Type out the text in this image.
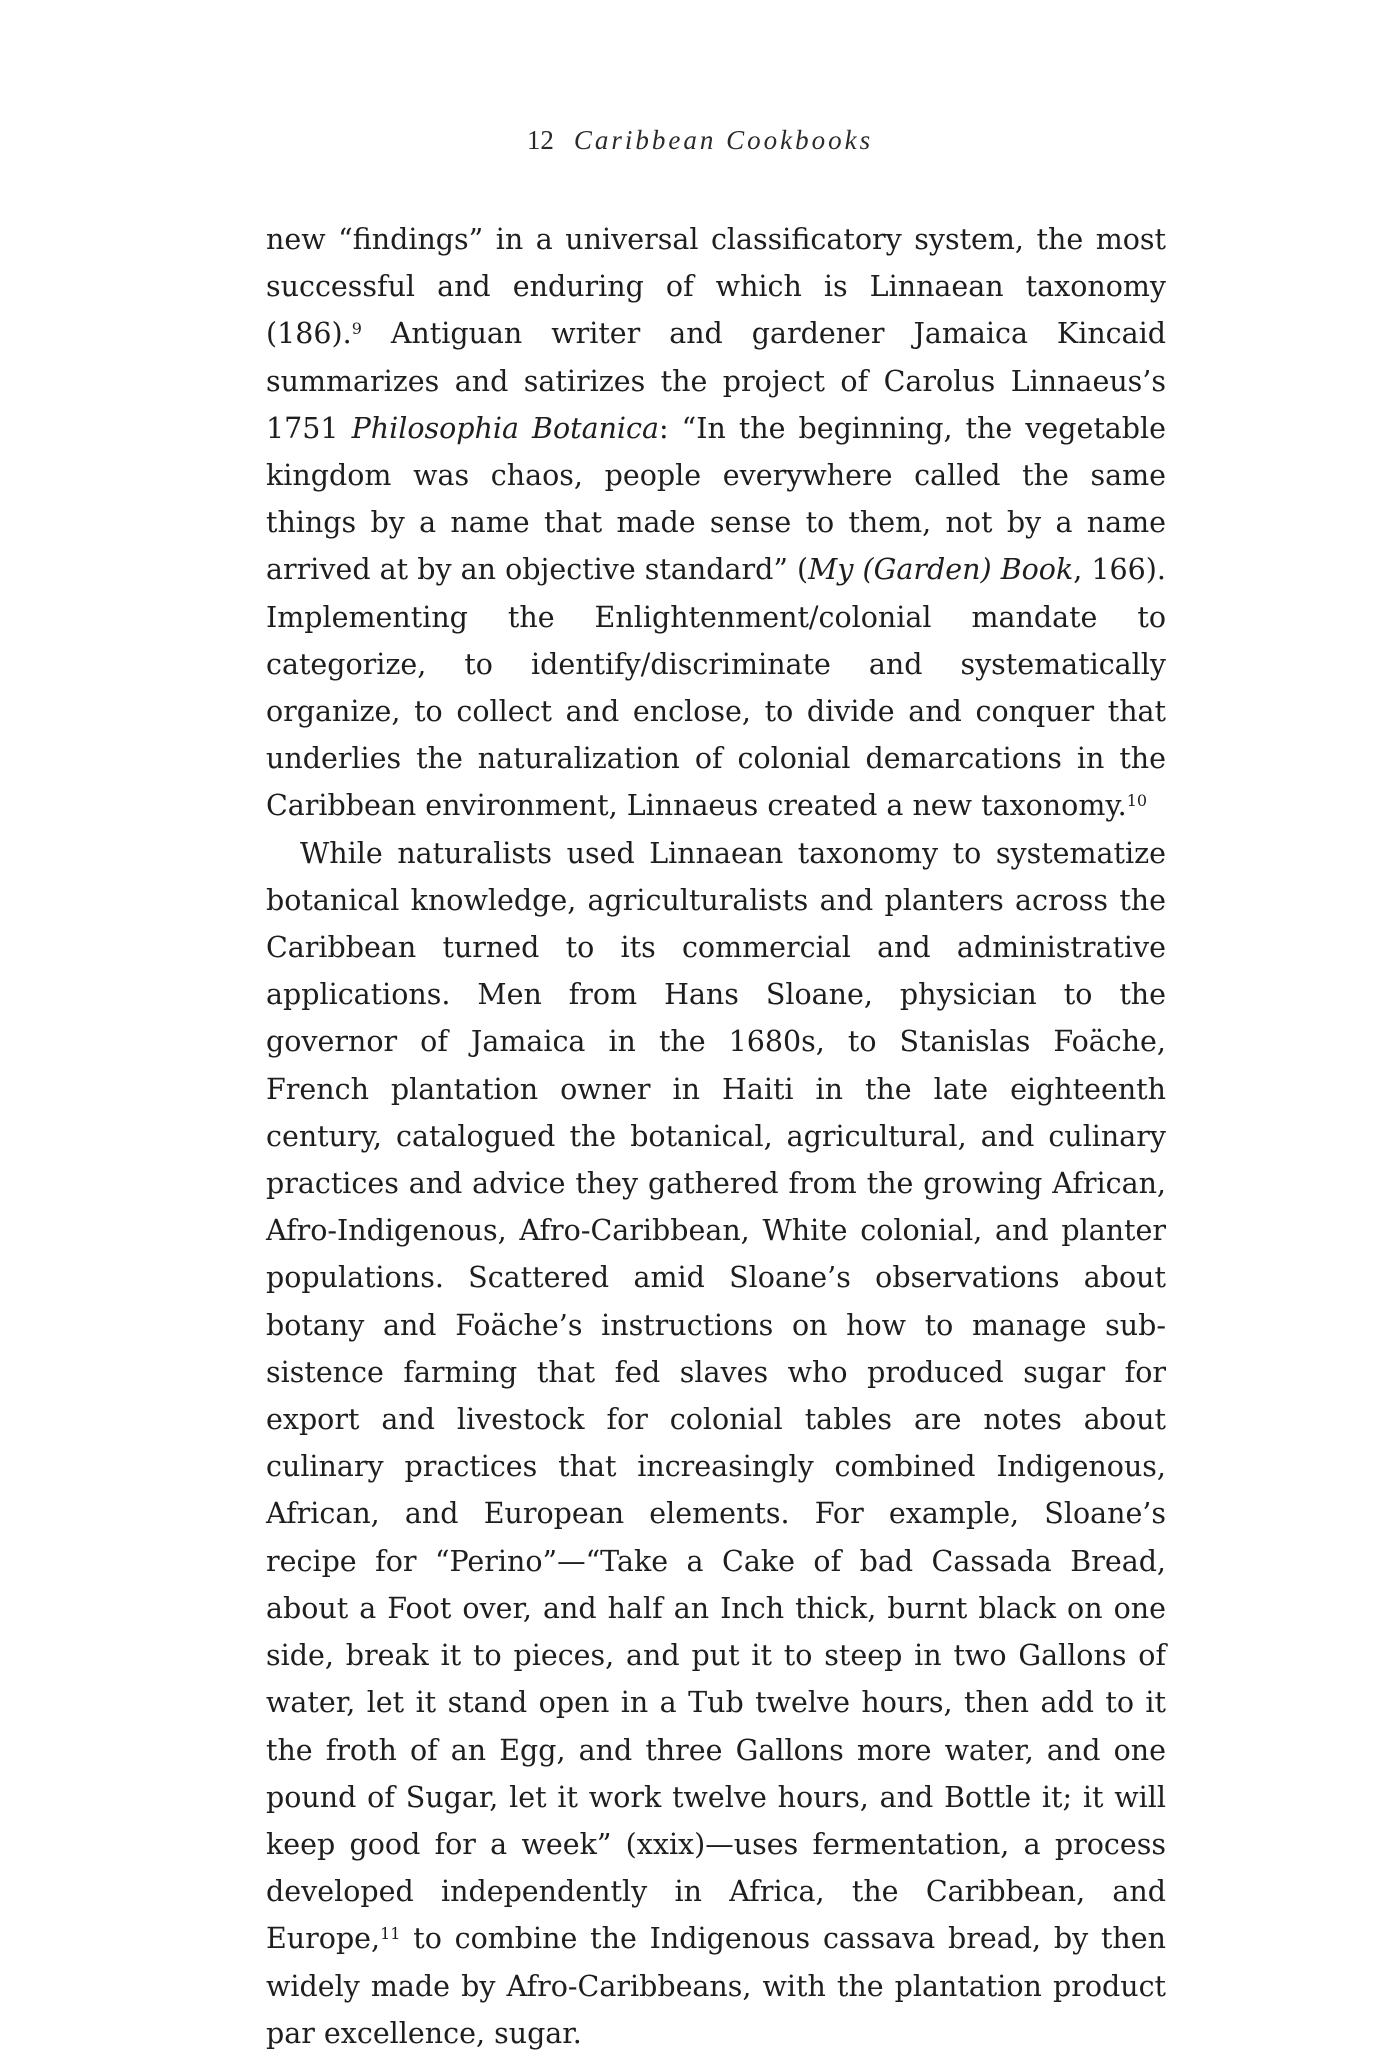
12 Caribbean Cookbooks

new “findings” in a universal classificatory system, the most successful and enduring of which is Linnaean taxonomy (186).$^9$ Antiguan writer and gardener Jamaica Kincaid summarizes and satirizes the project of Carolus Linnaeus’s 1751 Philosophia Botanica: “In the beginning, the vegetable kingdom was chaos, people everywhere called the same things by a name that made sense to them, not by a name arrived at by an objective standard” (My (Garden) Book, 166). Implementing the Enlightenment/colonial mandate to categorize, to identify/discriminate and systematically organize, to collect and enclose, to divide and conquer that underlies the naturalization of colonial demarcations in the Caribbean environment, Linnaeus created a new taxonomy.$^{10}$

While naturalists used Linnaean taxonomy to systematize botanical knowledge, agriculturalists and planters across the Caribbean turned to its commercial and administrative applications. Men from Hans Sloane, physician to the governor of Jamaica in the 1680s, to Stanislas Foäche, French plantation owner in Haiti in the late eighteenth century, catalogued the botanical, agricultural, and culinary practices and advice they gathered from the growing African, Afro-Indigenous, Afro-Caribbean, White colonial, and planter populations. Scattered amid Sloane’s observations about botany and Foäche’s instructions on how to manage subsistence farming that fed slaves who produced sugar for export and livestock for colonial tables are notes about culinary practices that increasingly combined Indigenous, African, and European elements. For example, Sloane’s recipe for “Perino”—“Take a Cake of bad Cassada Bread, about a Foot over, and half an Inch thick, burnt black on one side, break it to pieces, and put it to steep in two Gallons of water, let it stand open in a Tub twelve hours, then add to it the froth of an Egg, and three Gallons more water, and one pound of Sugar, let it work twelve hours, and Bottle it; it will keep good for a week” (xxix)—uses fermentation, a process developed independently in Africa, the Caribbean, and Europe,$^{11}$ to combine the Indigenous cassava bread, by then widely made by Afro-Caribbeans, with the plantation product par excellence, sugar.
